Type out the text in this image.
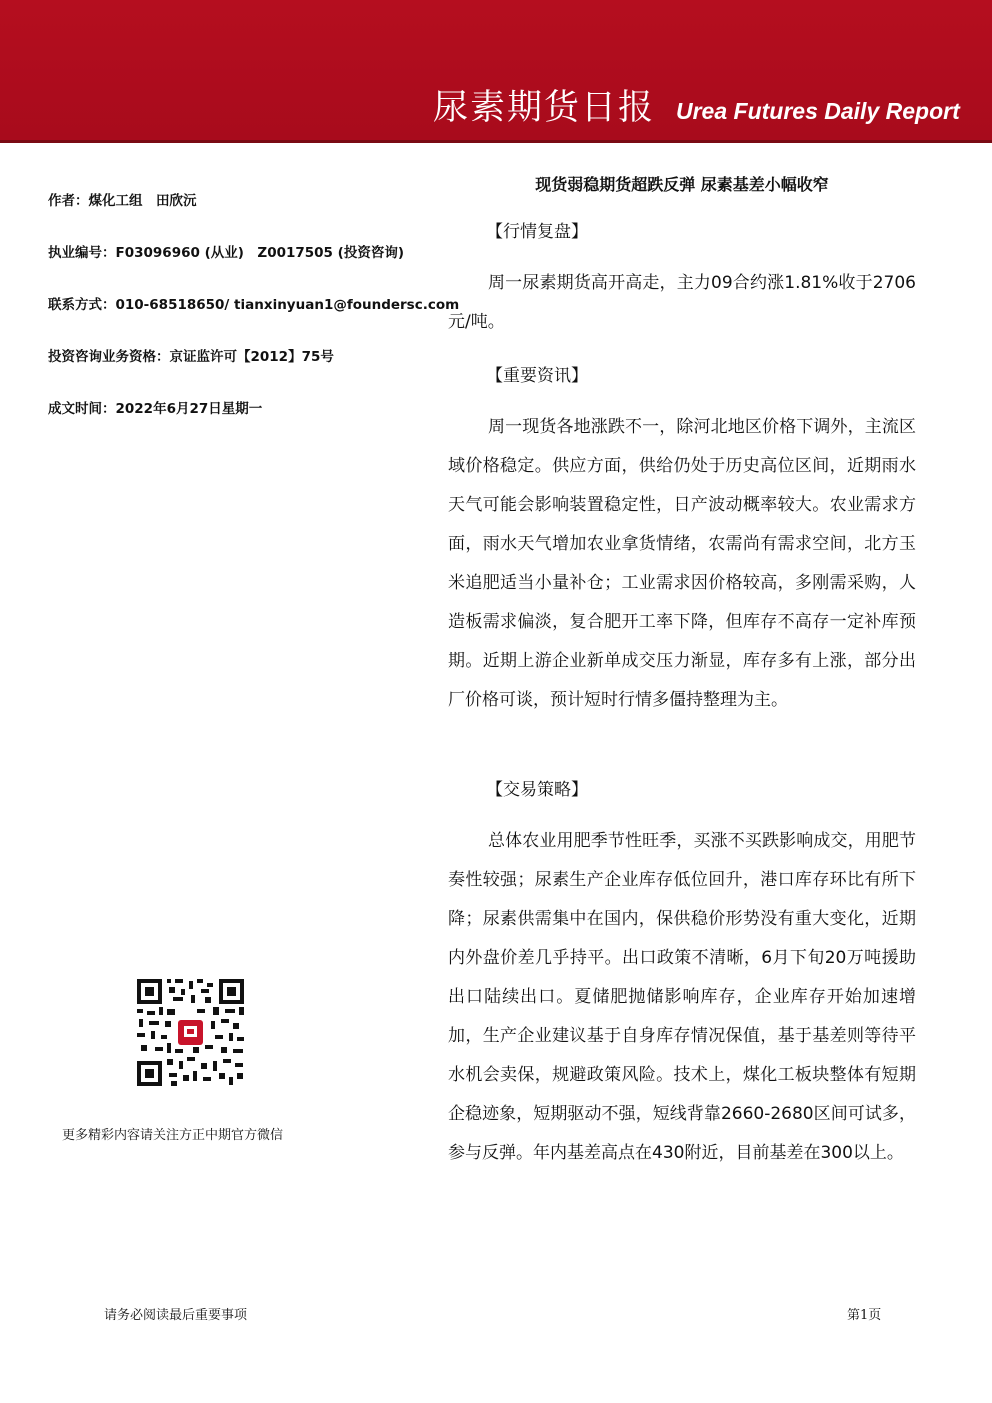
尿素期货日报 Urea Futures Daily Report
作者：煤化工组　田欣沅
执业编号：F03096960 (从业)　Z0017505 (投资咨询)
联系方式：010-68518650/ tianxinyuan1@foundersc.com
投资咨询业务资格：京证监许可【2012】75号
成文时间：2022年6月27日星期一
现货弱稳期货超跌反弹 尿素基差小幅收窄
【行情复盘】
周一尿素期货高开高走，主力09合约涨1.81%收于2706元/吨。
【重要资讯】
周一现货各地涨跌不一，除河北地区价格下调外，主流区域价格稳定。供应方面，供给仍处于历史高位区间，近期雨水天气可能会影响装置稳定性，日产波动概率较大。农业需求方面，雨水天气增加农业拿货情绪，农需尚有需求空间，北方玉米追肥适当小量补仓；工业需求因价格较高，多刚需采购，人造板需求偏淡，复合肥开工率下降，但库存不高存一定补库预期。近期上游企业新单成交压力渐显，库存多有上涨，部分出厂价格可谈，预计短时行情多僵持整理为主。
【交易策略】
总体农业用肥季节性旺季，买涨不买跌影响成交，用肥节奏性较强；尿素生产企业库存低位回升，港口库存环比有所下降；尿素供需集中在国内，保供稳价形势没有重大变化，近期内外盘价差几乎持平。出口政策不清晰，6月下旬20万吨援助出口陆续出口。夏储肥抛储影响库存，企业库存开始加速增加，生产企业建议基于自身库存情况保值，基于基差则等待平水机会卖保，规避政策风险。技术上，煤化工板块整体有短期企稳迹象，短期驱动不强，短线背靠2660-2680区间可试多，参与反弹。年内基差高点在430附近，目前基差在300以上。
更多精彩内容请关注方正中期官方微信
请务必阅读最后重要事项	第1页
